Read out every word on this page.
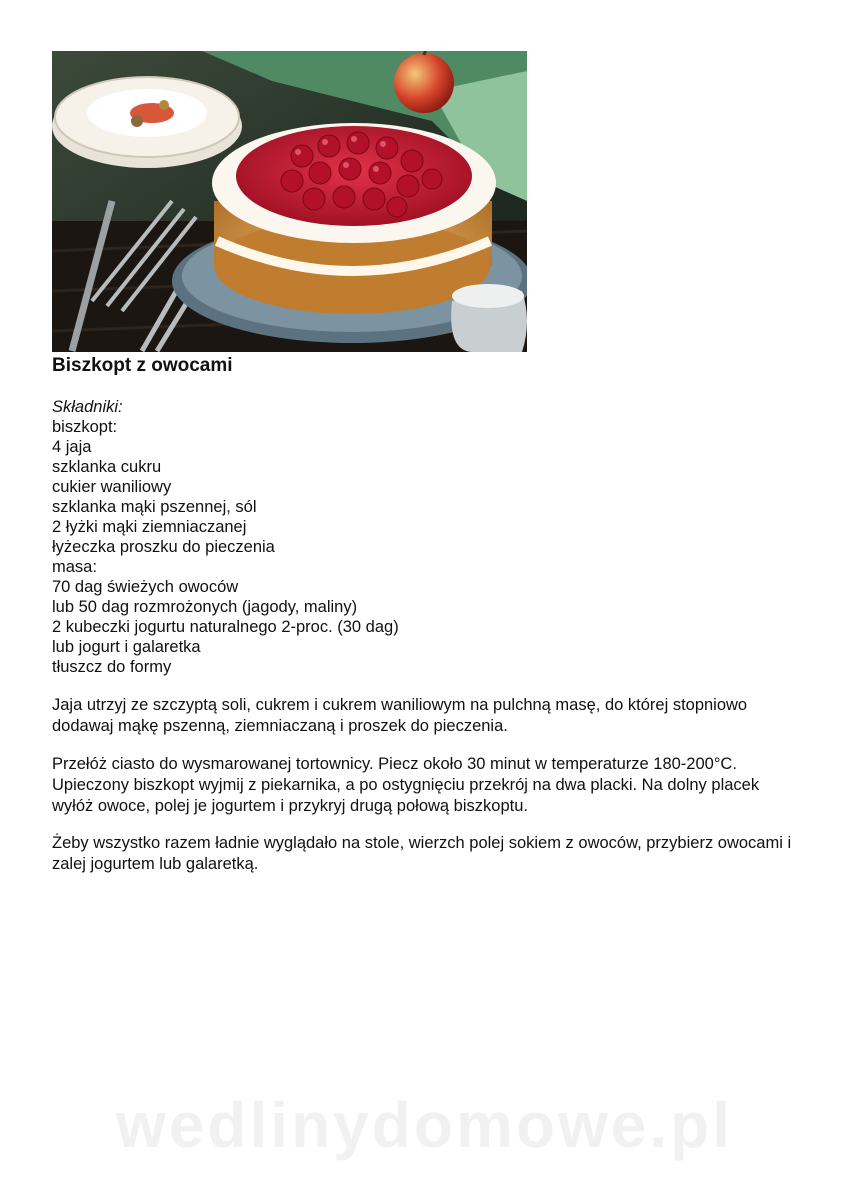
Biszkopt z owocami
Składniki:
biszkopt:
4 jaja
szklanka cukru
cukier waniliowy
szklanka mąki pszennej, sól
2 łyżki mąki ziemniaczanej
łyżeczka proszku do pieczenia
masa:
70 dag świeżych owoców
lub 50 dag rozmrożonych (jagody, maliny)
2 kubeczki jogurtu naturalnego 2-proc. (30 dag)
lub jogurt i galaretka
tłuszcz do formy

Jaja utrzyj ze szczyptą soli, cukrem i cukrem waniliowym na pulchną masę, do której stopniowo dodawaj mąkę pszenną, ziemniaczaną i proszek do pieczenia.

Przełóż ciasto do wysmarowanej tortownicy. Piecz około 30 minut w temperaturze 180-200°C. Upieczony biszkopt wyjmij z piekarnika, a po ostygnięciu przekrój na dwa placki. Na dolny placek wyłóż owoce, polej je jogurtem i przykryj drugą połową biszkoptu.

Żeby wszystko razem ładnie wyglądało na stole, wierzch polej sokiem z owoców, przybierz owocami i zalej jogurtem lub galaretką.

wedlinydomowe.pl
